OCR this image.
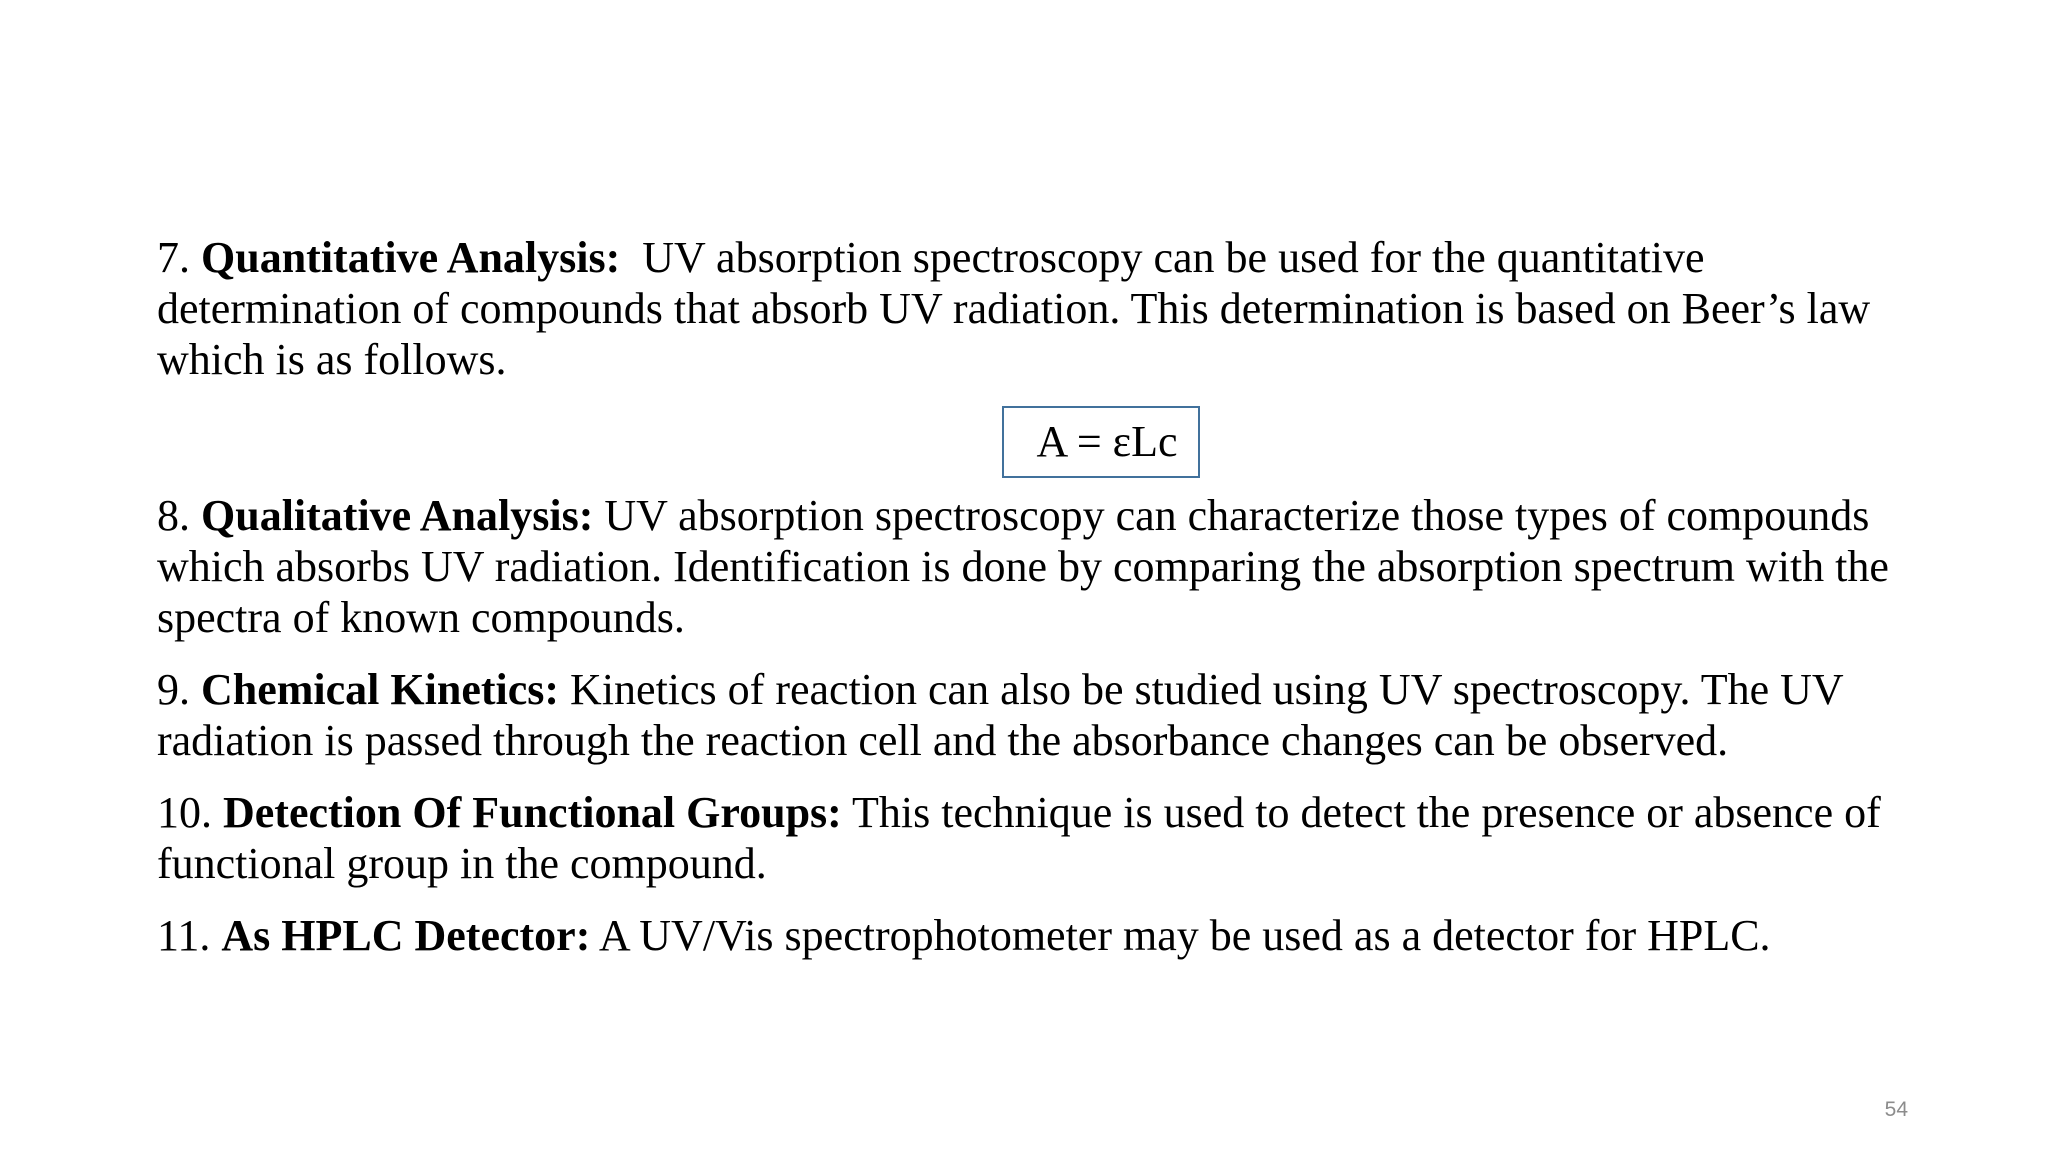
7. Quantitative Analysis:  UV absorption spectroscopy can be used for the quantitative determination of compounds that absorb UV radiation. This determination is based on Beer’s law which is as follows.

A = εLc

8. Qualitative Analysis: UV absorption spectroscopy can characterize those types of compounds which absorbs UV radiation. Identification is done by comparing the absorption spectrum with the spectra of known compounds.

9. Chemical Kinetics: Kinetics of reaction can also be studied using UV spectroscopy. The UV radiation is passed through the reaction cell and the absorbance changes can be observed.

10. Detection Of Functional Groups: This technique is used to detect the presence or absence of functional group in the compound.

11. As HPLC Detector: A UV/Vis spectrophotometer may be used as a detector for HPLC.

54
